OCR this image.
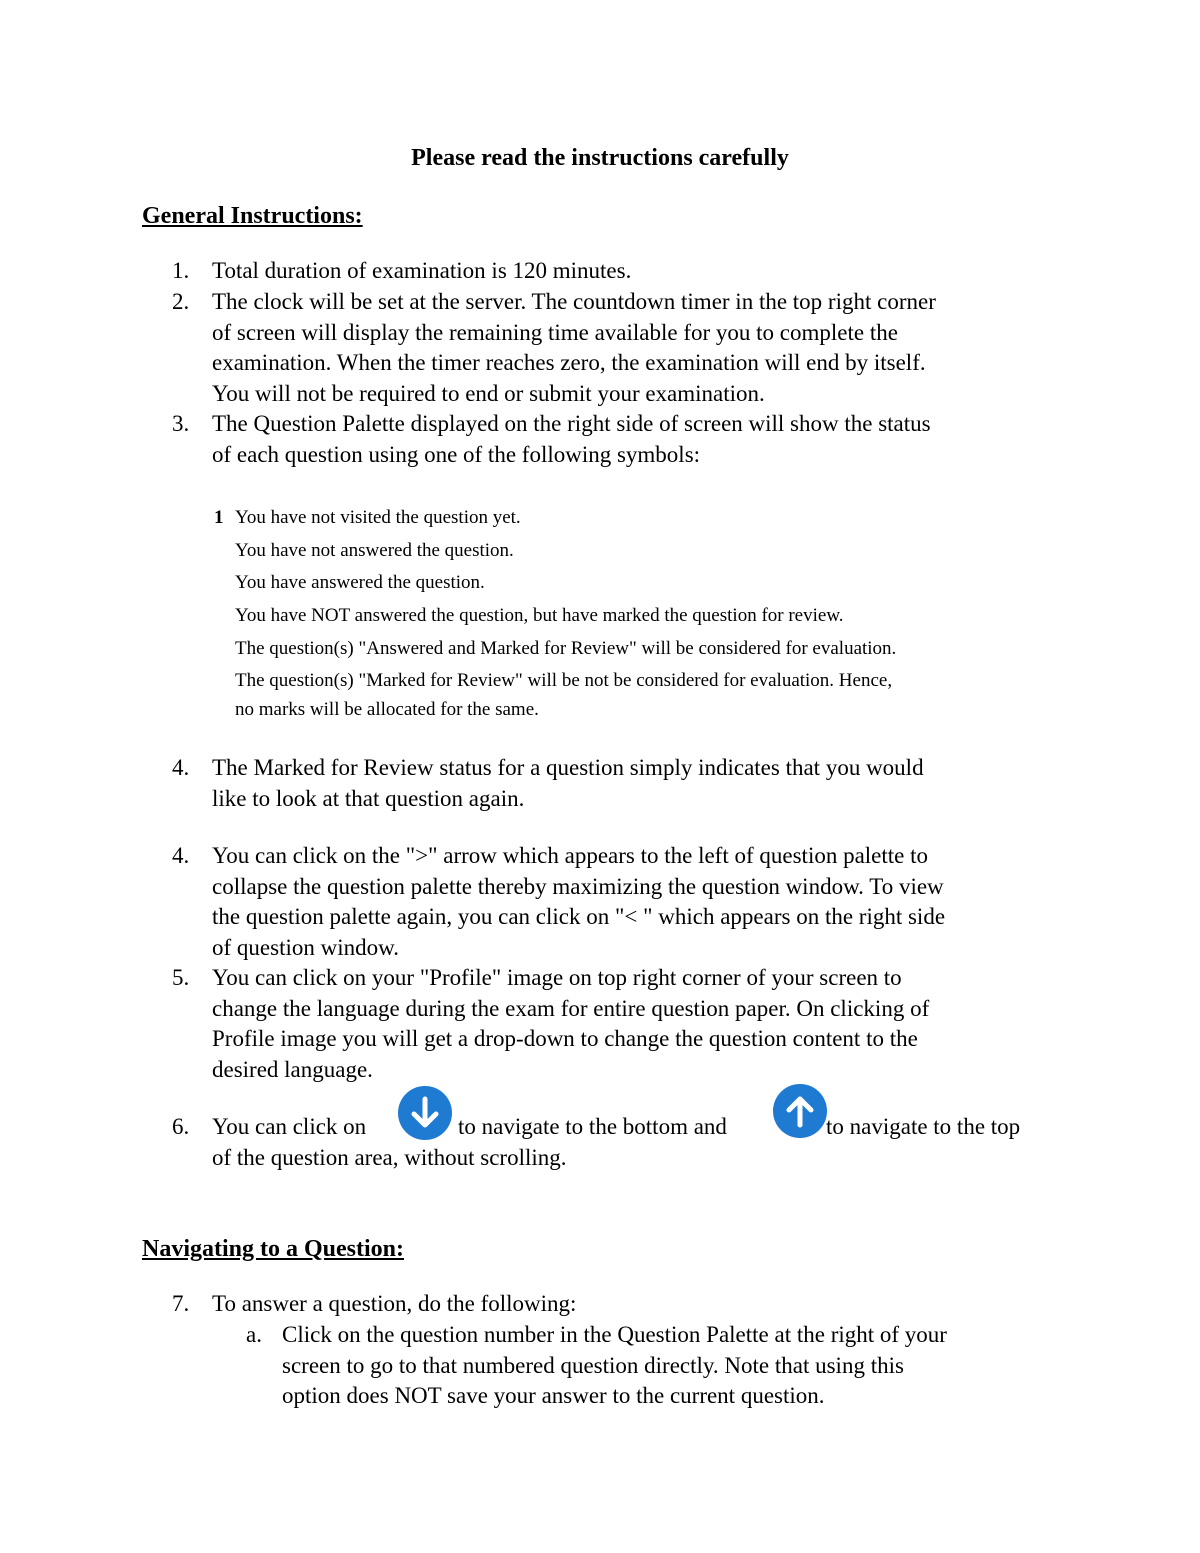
Please read the instructions carefully
General Instructions:
1. Total duration of examination is 120 minutes.
2. The clock will be set at the server. The countdown timer in the top right corner
of screen will display the remaining time available for you to complete the
examination. When the timer reaches zero, the examination will end by itself.
You will not be required to end or submit your examination.
3. The Question Palette displayed on the right side of screen will show the status
of each question using one of the following symbols:
1 You have not visited the question yet.
You have not answered the question.
You have answered the question.
You have NOT answered the question, but have marked the question for review.
The question(s) "Answered and Marked for Review" will be considered for evaluation.
The question(s) "Marked for Review" will be not be considered for evaluation. Hence,
no marks will be allocated for the same.
4. The Marked for Review status for a question simply indicates that you would
like to look at that question again.
4. You can click on the ">" arrow which appears to the left of question palette to
collapse the question palette thereby maximizing the question window. To view
the question palette again, you can click on "< " which appears on the right side
of question window.
5. You can click on your "Profile" image on top right corner of your screen to
change the language during the exam for entire question paper. On clicking of
Profile image you will get a drop-down to change the question content to the
desired language.
6. You can click on	to navigate to the bottom and	to navigate to the top
of the question area, without scrolling.
Navigating to a Question:
7. To answer a question, do the following:
a. Click on the question number in the Question Palette at the right of your
screen to go to that numbered question directly. Note that using this
option does NOT save your answer to the current question.
